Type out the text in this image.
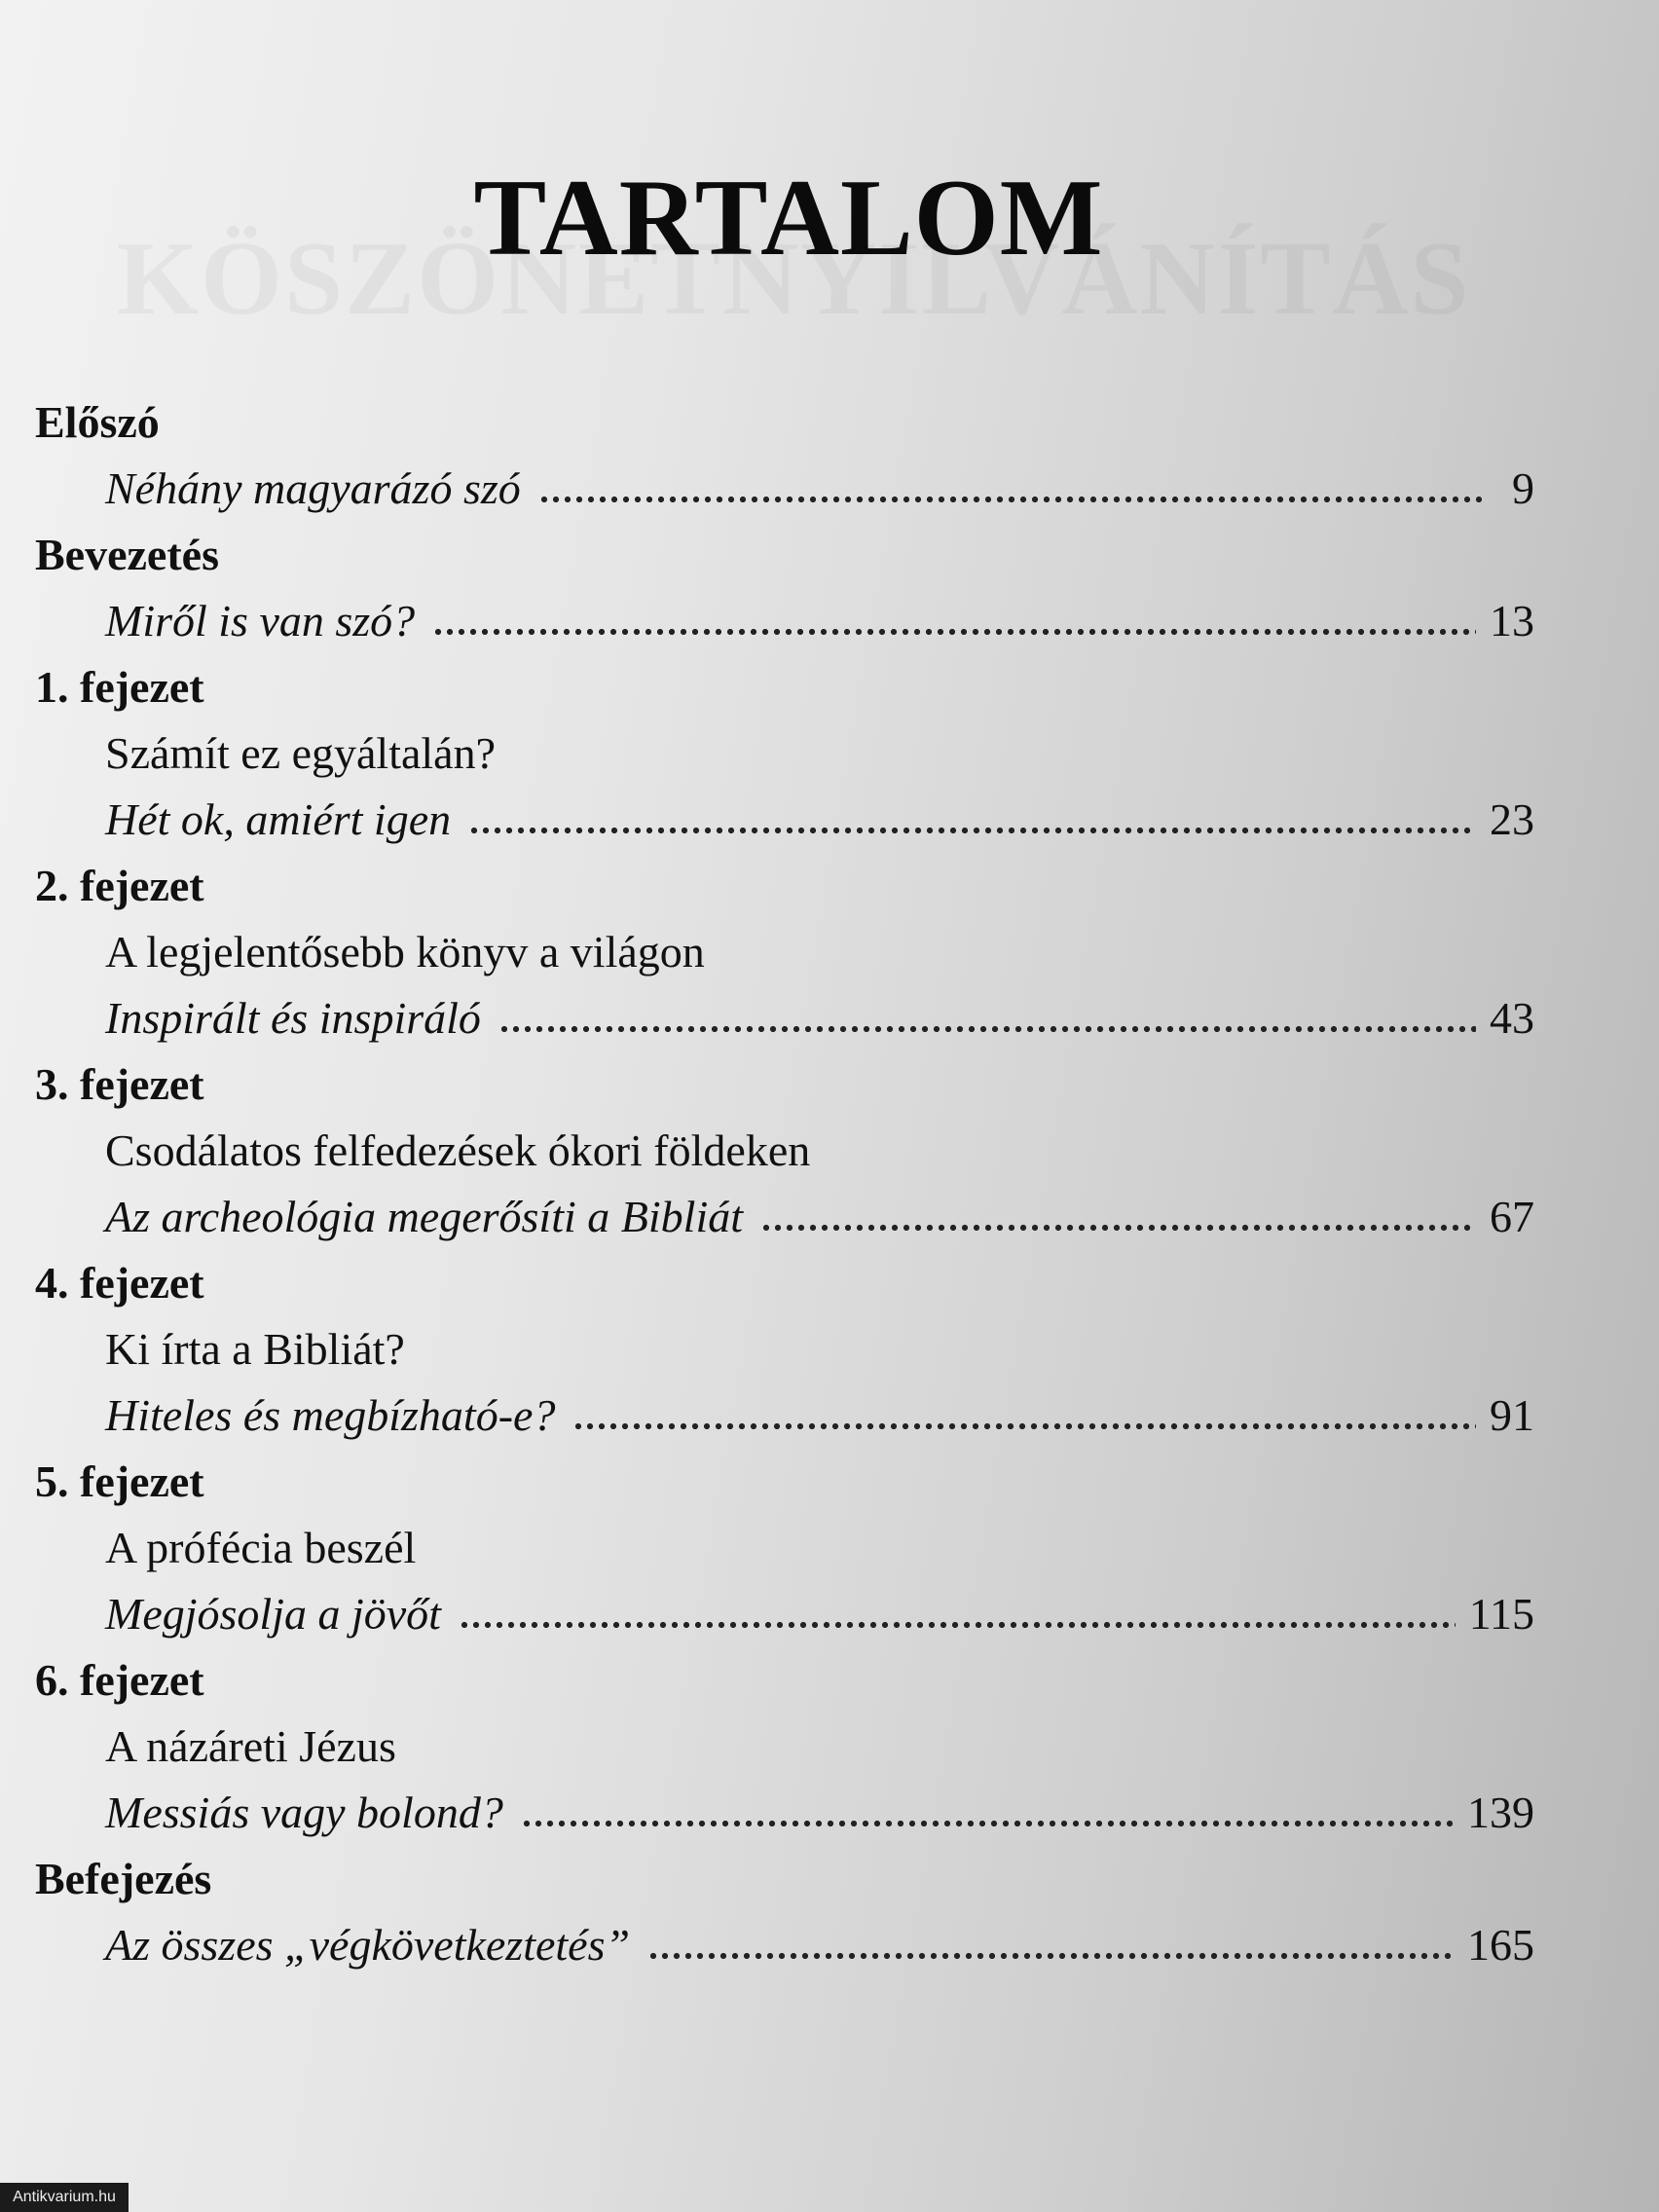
TARTALOM
Előszó
Néhány magyarázó szó	9
Bevezetés
Miről is van szó?	13
1. fejezet
Számít ez egyáltalán?
Hét ok, amiért igen	23
2. fejezet
A legjelentősebb könyv a világon
Inspirált és inspiráló	43
3. fejezet
Csodálatos felfedezések ókori földeken
Az archeológia megerősíti a Bibliát	67
4. fejezet
Ki írta a Bibliát?
Hiteles és megbízható-e?	91
5. fejezet
A prófécia beszél
Megjósolja a jövőt	115
6. fejezet
A názáreti Jézus
Messiás vagy bolond?	139
Befejezés
Az összes „végkövetkeztetés”	165
Antikvarium.hu
